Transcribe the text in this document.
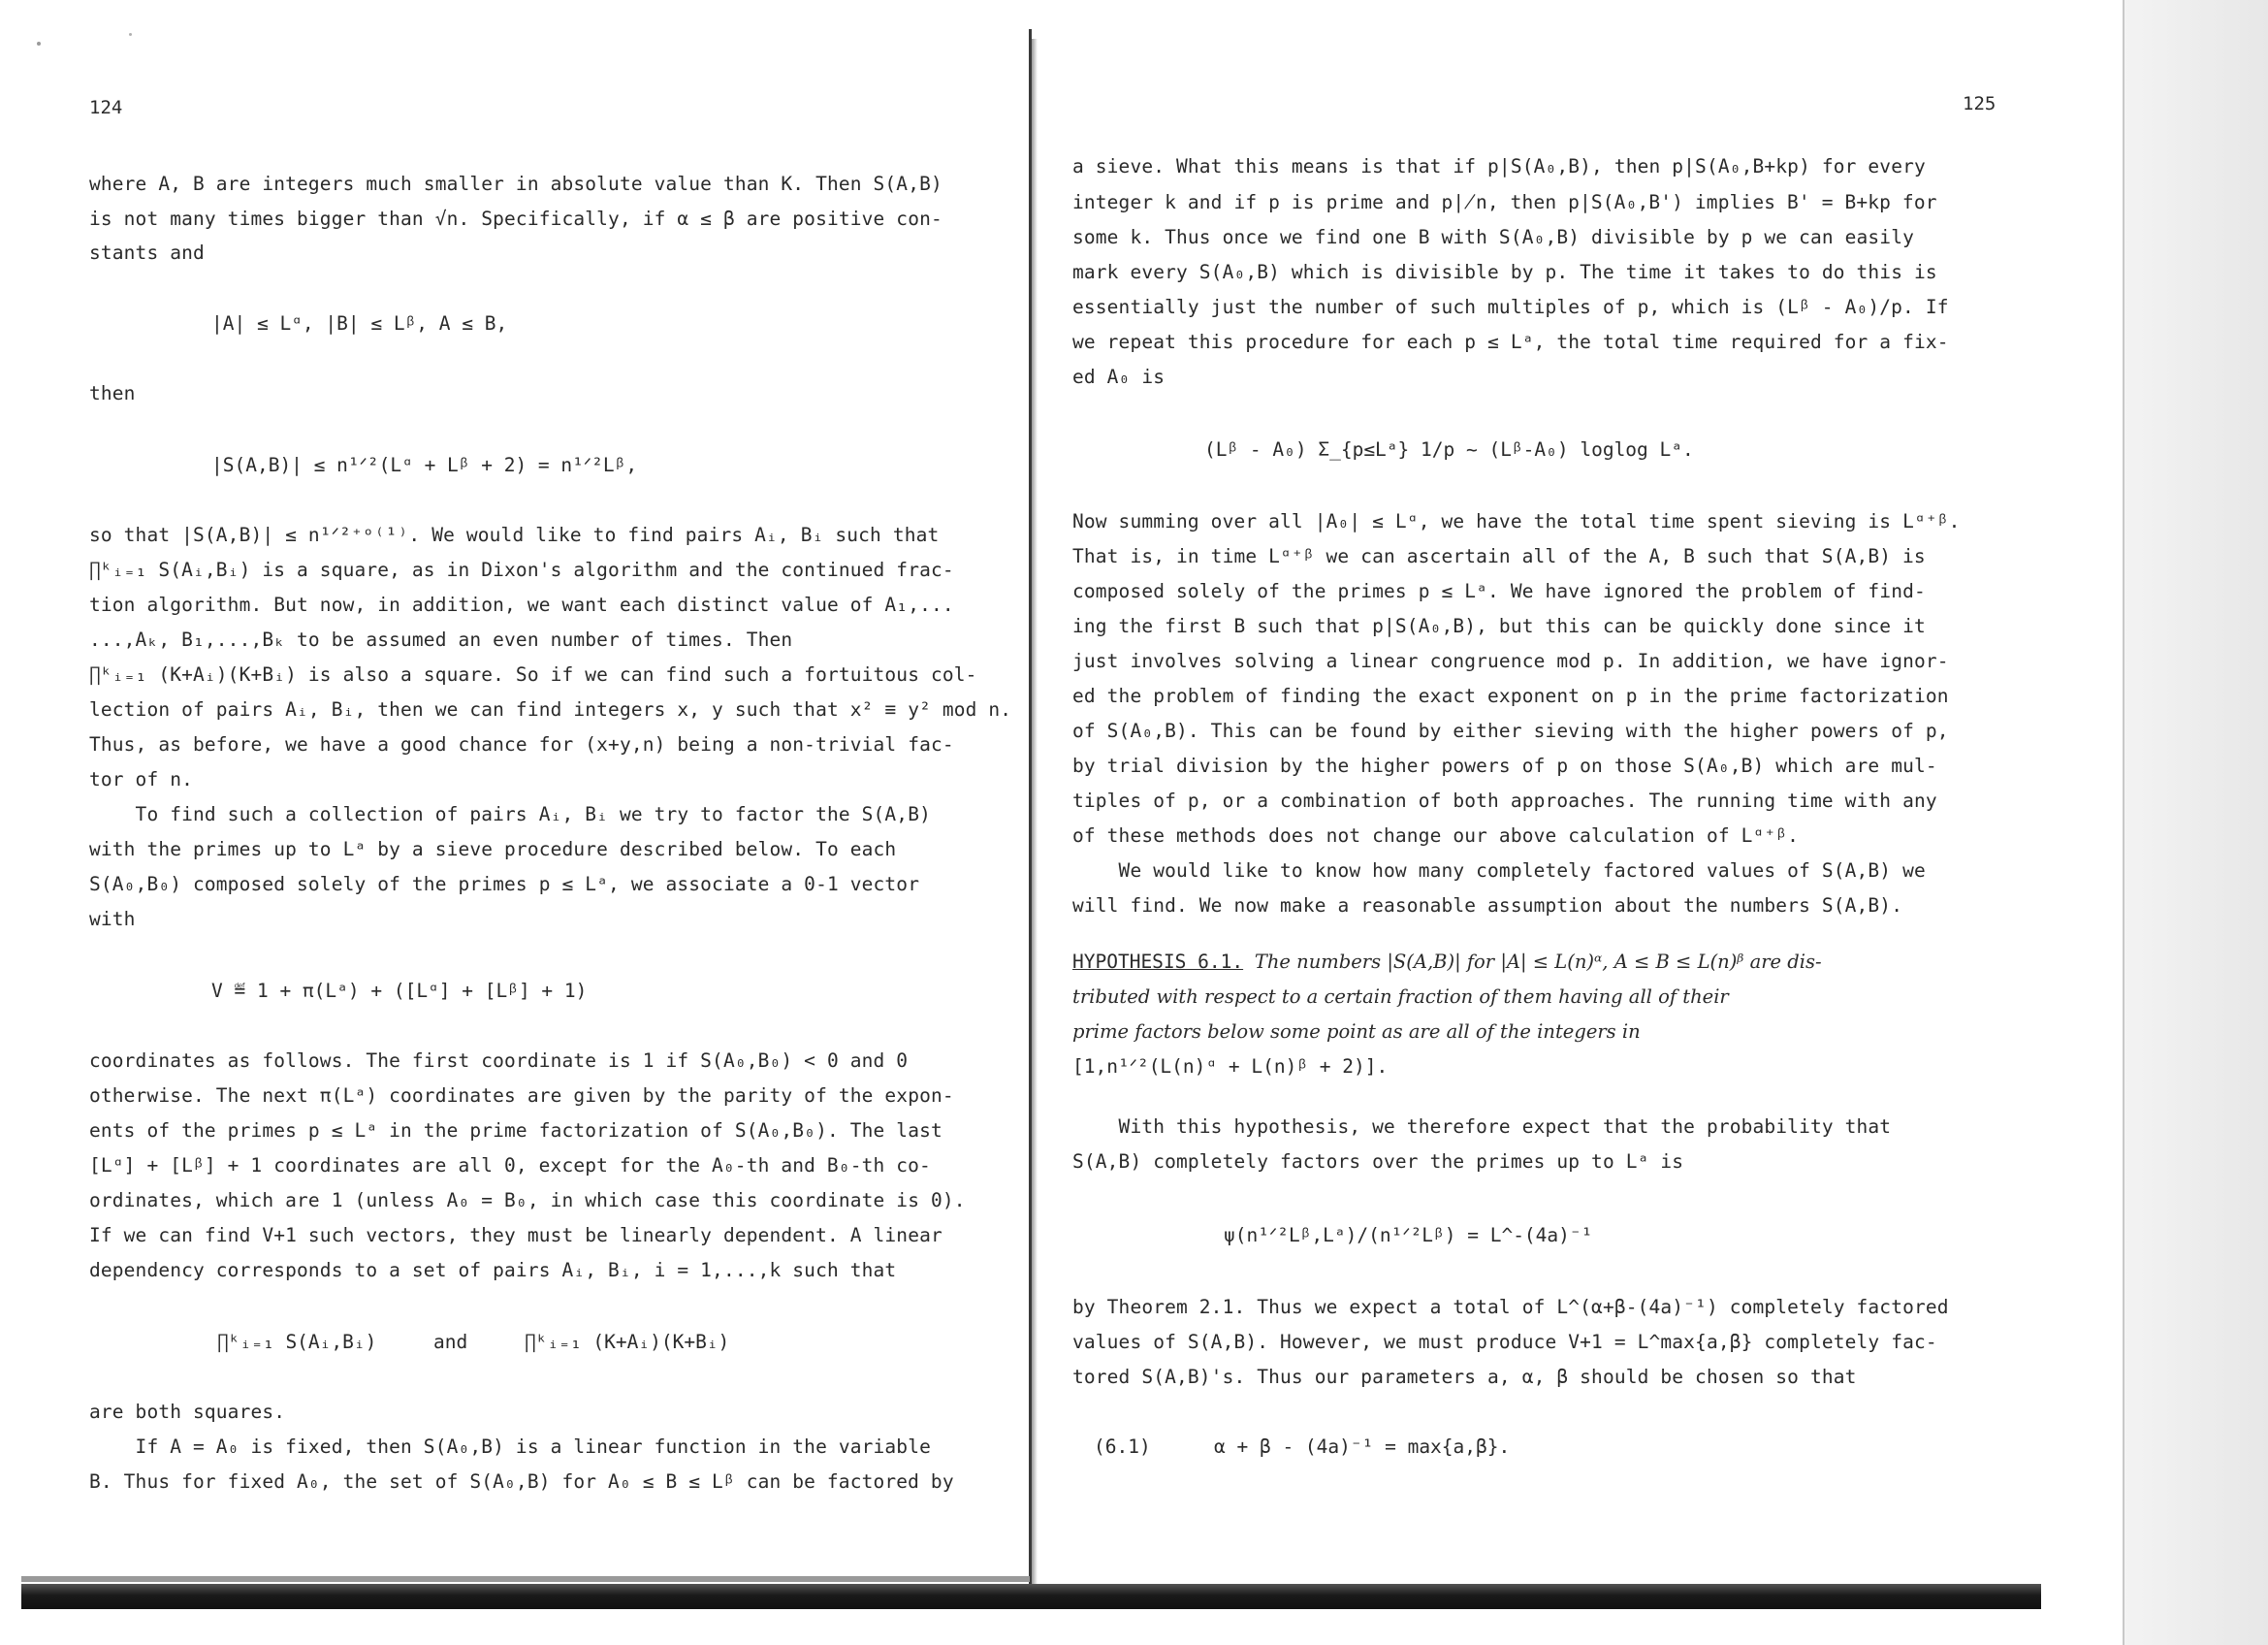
124
where A, B are integers much smaller in absolute value than K. Then S(A,B)
is not many times bigger than √n. Specifically, if α ≤ β are positive con-
stants and
|A| ≤ Lᵅ, |B| ≤ Lᵝ, A ≤ B,
then
|S(A,B)| ≤ n¹ᐟ²(Lᵅ + Lᵝ + 2) = n¹ᐟ²Lᵝ,
so that |S(A,B)| ≤ n¹ᐟ²⁺ᵒ⁽¹⁾. We would like to find pairs Aᵢ, Bᵢ such that
∏ᵏᵢ₌₁ S(Aᵢ,Bᵢ) is a square, as in Dixon's algorithm and the continued frac-
tion algorithm. But now, in addition, we want each distinct value of A₁,...
...,Aₖ, B₁,...,Bₖ to be assumed an even number of times. Then
∏ᵏᵢ₌₁ (K+Aᵢ)(K+Bᵢ) is also a square. So if we can find such a fortuitous col-
lection of pairs Aᵢ, Bᵢ, then we can find integers x, y such that x² ≡ y² mod n.
Thus, as before, we have a good chance for (x+y,n) being a non-trivial fac-
tor of n.
To find such a collection of pairs Aᵢ, Bᵢ we try to factor the S(A,B)
with the primes up to Lᵃ by a sieve procedure described below. To each
S(A₀,B₀) composed solely of the primes p ≤ Lᵃ, we associate a 0-1 vector
with
V ≝ 1 + π(Lᵃ) + ([Lᵅ] + [Lᵝ] + 1)
coordinates as follows. The first coordinate is 1 if S(A₀,B₀) < 0 and 0
otherwise. The next π(Lᵃ) coordinates are given by the parity of the expon-
ents of the primes p ≤ Lᵃ in the prime factorization of S(A₀,B₀). The last
[Lᵅ] + [Lᵝ] + 1 coordinates are all 0, except for the A₀-th and B₀-th co-
ordinates, which are 1 (unless A₀ = B₀, in which case this coordinate is 0).
If we can find V+1 such vectors, they must be linearly dependent. A linear
dependency corresponds to a set of pairs Aᵢ, Bᵢ, i = 1,...,k such that
∏ᵏᵢ₌₁ S(Aᵢ,Bᵢ)     and     ∏ᵏᵢ₌₁ (K+Aᵢ)(K+Bᵢ)
are both squares.
If A = A₀ is fixed, then S(A₀,B) is a linear function in the variable
B. Thus for fixed A₀, the set of S(A₀,B) for A₀ ≤ B ≤ Lᵝ can be factored by
125
a sieve. What this means is that if p|S(A₀,B), then p|S(A₀,B+kp) for every
integer k and if p is prime and p∤n, then p|S(A₀,B') implies B' = B+kp for
some k. Thus once we find one B with S(A₀,B) divisible by p we can easily
mark every S(A₀,B) which is divisible by p. The time it takes to do this is
essentially just the number of such multiples of p, which is (Lᵝ - A₀)/p. If
we repeat this procedure for each p ≤ Lᵃ, the total time required for a fix-
ed A₀ is
(Lᵝ - A₀) Σ_{p≤Lᵃ} 1/p ~ (Lᵝ-A₀) loglog Lᵃ.
Now summing over all |A₀| ≤ Lᵅ, we have the total time spent sieving is Lᵅ⁺ᵝ.
That is, in time Lᵅ⁺ᵝ we can ascertain all of the A, B such that S(A,B) is
composed solely of the primes p ≤ Lᵃ. We have ignored the problem of find-
ing the first B such that p|S(A₀,B), but this can be quickly done since it
just involves solving a linear congruence mod p. In addition, we have ignor-
ed the problem of finding the exact exponent on p in the prime factorization
of S(A₀,B). This can be found by either sieving with the higher powers of p,
by trial division by the higher powers of p on those S(A₀,B) which are mul-
tiples of p, or a combination of both approaches. The running time with any
of these methods does not change our above calculation of Lᵅ⁺ᵝ.
We would like to know how many completely factored values of S(A,B) we
will find. We now make a reasonable assumption about the numbers S(A,B).
HYPOTHESIS 6.1. The numbers |S(A,B)| for |A| ≤ L(n)ᵅ, A ≤ B ≤ L(n)ᵝ are dis-
tributed with respect to a certain fraction of them having all of their
prime factors below some point as are all of the integers in
[1,n¹ᐟ²(L(n)ᵅ + L(n)ᵝ + 2)].
With this hypothesis, we therefore expect that the probability that
S(A,B) completely factors over the primes up to Lᵃ is
ψ(n¹ᐟ²Lᵝ,Lᵃ)/(n¹ᐟ²Lᵝ) = L^-(4a)⁻¹
by Theorem 2.1. Thus we expect a total of L^(α+β-(4a)⁻¹) completely factored
values of S(A,B). However, we must produce V+1 = L^max{a,β} completely fac-
tored S(A,B)'s. Thus our parameters a, α, β should be chosen so that
(6.1)	α + β - (4a)⁻¹ = max{a,β}.
